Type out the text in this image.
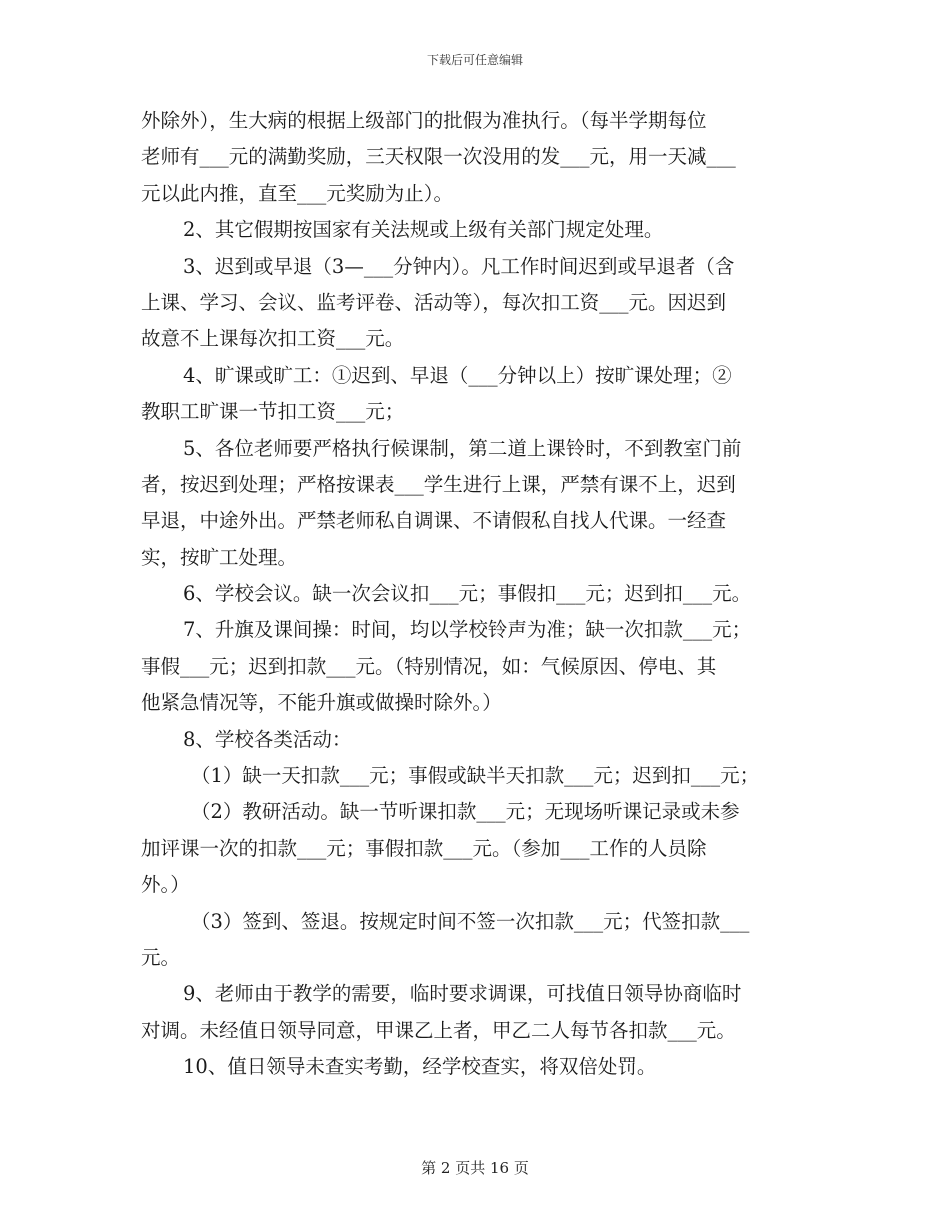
下载后可任意编辑
外除外），生大病的根据上级部门的批假为准执行。（每半学期每位
老师有___元的满勤奖励，三天权限一次没用的发___元，用一天减___
元以此内推，直至___元奖励为止）。
2、其它假期按国家有关法规或上级有关部门规定处理。
3、迟到或早退（3—___分钟内）。凡工作时间迟到或早退者（含
上课、学习、会议、监考评卷、活动等），每次扣工资___元。因迟到
故意不上课每次扣工资___元。
4、旷课或旷工：①迟到、早退（___分钟以上）按旷课处理；②
教职工旷课一节扣工资___元；
5、各位老师要严格执行候课制，第二道上课铃时，不到教室门前
者，按迟到处理；严格按课表___学生进行上课，严禁有课不上，迟到
早退，中途外出。严禁老师私自调课、不请假私自找人代课。一经查
实，按旷工处理。
6、学校会议。缺一次会议扣___元；事假扣___元；迟到扣___元。
7、升旗及课间操：时间，均以学校铃声为准；缺一次扣款___元；
事假___元；迟到扣款___元。（特别情况，如：气候原因、停电、其
他紧急情况等，不能升旗或做操时除外。）
8、学校各类活动：
（1）缺一天扣款___元；事假或缺半天扣款___元；迟到扣___元；
（2）教研活动。缺一节听课扣款___元；无现场听课记录或未参
加评课一次的扣款___元；事假扣款___元。（参加___工作的人员除
外。）
（3）签到、签退。按规定时间不签一次扣款___元；代签扣款___
元。
9、老师由于教学的需要，临时要求调课，可找值日领导协商临时
对调。未经值日领导同意，甲课乙上者，甲乙二人每节各扣款___元。
10、值日领导未查实考勤，经学校查实，将双倍处罚。
第 2 页共 16 页
